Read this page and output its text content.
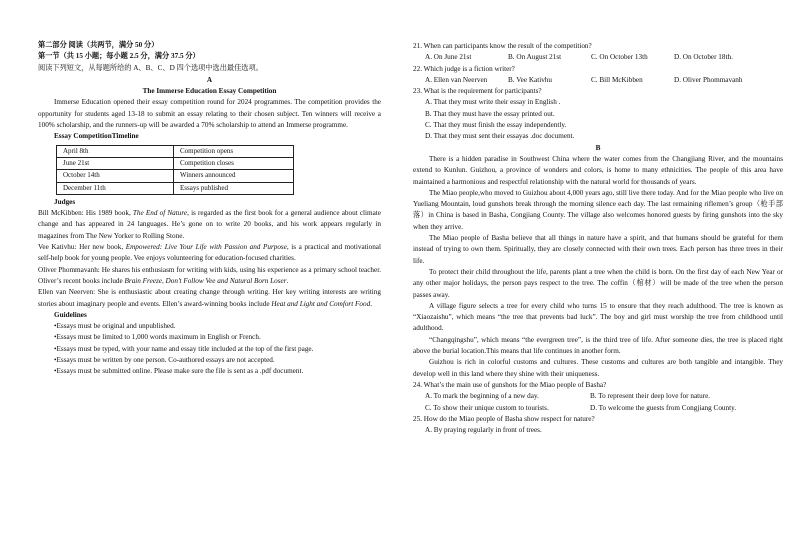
第二部分 阅读（共两节，满分 50 分）

第一节（共 15 小题；每小题 2.5 分，满分 37.5 分）

阅读下列短文，从每题所给的 A、B、C、D 四个选项中选出最佳选项。

A

The Immerse Education Essay Competition

Immerse Education opened their essay competition round for 2024 programmes. The competition provides the opportunity for students aged 13-18 to submit an essay relating to their chosen subject. Ten winners will receive a 100% scholarship, and the runners-up will be awarded a 70% scholarship to attend an Immerse programme.

Essay CompetitionTimeline

April 8th	Competition opens
June 21st	Competition closes
October 14th	Winners announced
December 11th	Essays published

Judges

Bill McKibben: His 1989 book, The End of Nature, is regarded as the first book for a general audience about climate change and has appeared in 24 languages. He’s gone on to write 20 books, and his work appears regularly in magazines from The New Yorker to Rolling Stone.

Vee Kativhu: Her new book, Empowered: Live Your Life with Passion and Purpose, is a practical and motivational self-help book for young people. Vee enjoys volunteering for education-focused charities.

Oliver Phommavanh: He shares his enthusiasm for writing with kids, using his experience as a primary school teacher. Oliver’s recent books include Brain Freeze, Don’t Follow Vee and Natural Born Loser.

Ellen van Neerven: She is enthusiastic about creating change through writing. Her key writing interests are writing stories about imaginary people and events. Ellen’s award-winning books include Heat and Light and Comfort Food.

Guidelines

•Essays must be original and unpublished.

•Essays must be limited to 1,000 words maximum in English or French.

•Essays must be typed, with your name and essay title included at the top of the first page.

•Essays must be written by one person. Co-authored essays are not accepted.

•Essays must be submitted online. Please make sure the file is sent as a .pdf document.

21. When can participants know the result of the competition?

A. On June 21st	B. On August 21st	C. On October 13th	D. On October 18th.

22. Which judge is a fiction writer?

A. Ellen van Neerven	B. Vee Kativhu	C. Bill McKibben	D. Oliver Phommavanh

23. What is the requirement for participants?

A. That they must write their essay in English .

B. That they must have the essay printed out.

C. That they must finish the essay independently.

D. That they must sent their essayas .doc document.

B

There is a hidden paradise in Southwest China where the water comes from the Changjiang River, and the mountains extend to Kunlun. Guizhou, a province of wonders and colors, is home to many ethnicities. The people of this area have maintained a harmonious and respectful relationship with the natural world for thousands of years.

The Miao people,who moved to Guizhou about 4,000 years ago, still live there today. And for the Miao people who live on Yueliang Mountain, loud gunshots break through the morning silence each day. The last remaining riflemen’s group（枪手部落）in China is based in Basha, Congjiang County. The village also welcomes honored guests by firing gunshots into the sky when they arrive.

The Miao people of Basha believe that all things in nature have a spirit, and that humans should be grateful for them instead of trying to own them. Spiritually, they are closely connected with their own trees. Each person has three trees in their life.

To protect their child throughout the life, parents plant a tree when the child is born. On the first day of each New Year or any other major holidays, the person pays respect to the tree. The coffin（棺材）will be made of the tree when the person passes away.

A village figure selects a tree for every child who turns 15 to ensure that they reach adulthood. The tree is known as “Xiaozaishu”, which means “the tree that prevents bad luck”. The boy and girl must worship the tree from childhood until adulthood.

“Changqingshu”, which means “the evergreen tree”, is the third tree of life. After someone dies, the tree is placed right above the burial location.This means that life continues in another form.

Guizhou is rich in colorful customs and cultures. These customs and cultures are both tangible and intangible. They develop well in this land where they shine with their uniqueness.

24. What’s the main use of gunshots for the Miao people of Basha?

A. To mark the beginning of a new day.	B. To represent their deep love for nature.
C. To show their unique custom to tourists.	D. To welcome the guests from Congjiang County.

25. How do the Miao people of Basha show respect for nature?

A. By praying regularly in front of trees.
